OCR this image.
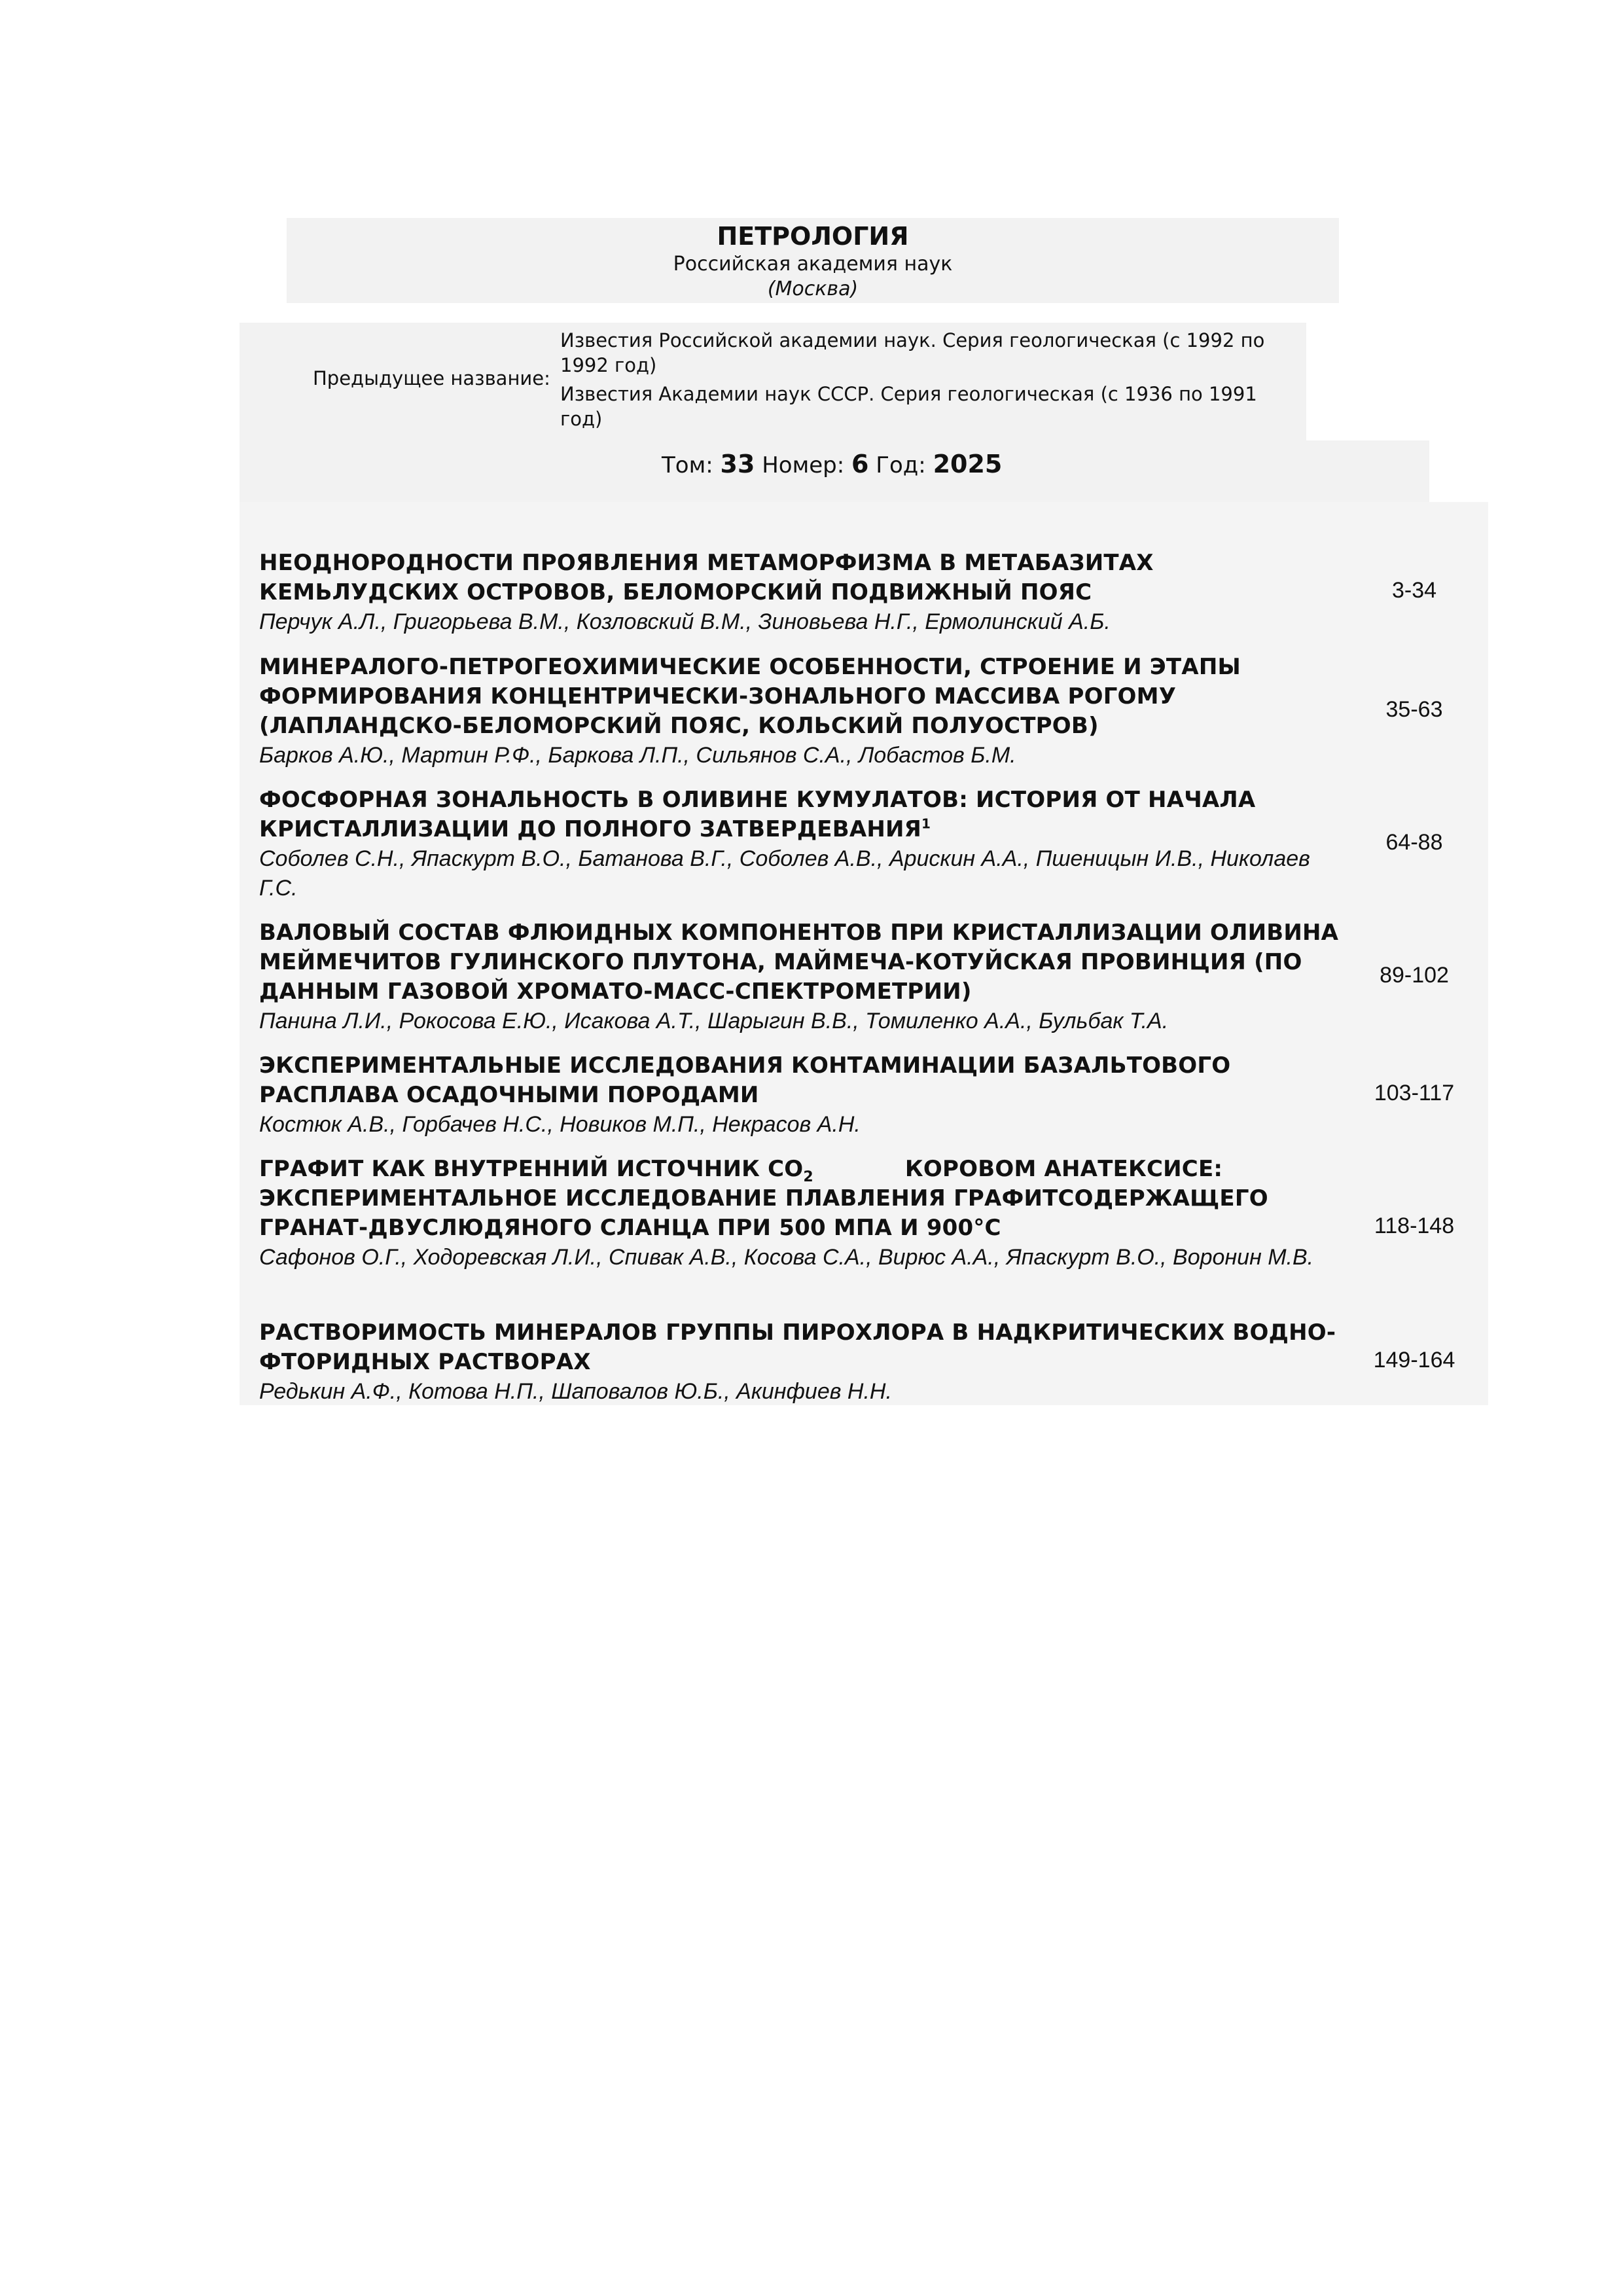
ПЕТРОЛОГИЯ
Российская академия наук
(Москва)
Предыдущее название:
Известия Российской академии наук. Серия геологическая (с 1992 по 1992 год)
Известия Академии наук СССР. Серия геологическая (с 1936 по 1991 год)
Том: 33 Номер: 6 Год: 2025
НЕОДНОРОДНОСТИ ПРОЯВЛЕНИЯ МЕТАМОРФИЗМА В МЕТАБАЗИТАХ КЕМЬЛУДСКИХ ОСТРОВОВ, БЕЛОМОРСКИЙ ПОДВИЖНЫЙ ПОЯС
Перчук А.Л., Григорьева В.М., Козловский В.М., Зиновьева Н.Г., Ермолинский А.Б.
3-34
МИНЕРАЛОГО-ПЕТРОГЕОХИМИЧЕСКИЕ ОСОБЕННОСТИ, СТРОЕНИЕ И ЭТАПЫ ФОРМИРОВАНИЯ КОНЦЕНТРИЧЕСКИ-ЗОНАЛЬНОГО МАССИВА РОГОМУ (ЛАПЛАНДСКО-БЕЛОМОРСКИЙ ПОЯС, КОЛЬСКИЙ ПОЛУОСТРОВ)
Барков А.Ю., Мартин Р.Ф., Баркова Л.П., Сильянов С.А., Лобастов Б.М.
35-63
ФОСФОРНАЯ ЗОНАЛЬНОСТЬ В ОЛИВИНЕ КУМУЛАТОВ: ИСТОРИЯ ОТ НАЧАЛА КРИСТАЛЛИЗАЦИИ ДО ПОЛНОГО ЗАТВЕРДЕВАНИЯ$^1$
Соболев С.Н., Япаскурт В.О., Батанова В.Г., Соболев А.В., Арискин А.А., Пшеницын И.В., Николаев Г.С.
64-88
ВАЛОВЫЙ СОСТАВ ФЛЮИДНЫХ КОМПОНЕНТОВ ПРИ КРИСТАЛЛИЗАЦИИ ОЛИВИНА МЕЙМЕЧИТОВ ГУЛИНСКОГО ПЛУТОНА, МАЙМЕЧА-КОТУЙСКАЯ ПРОВИНЦИЯ (ПО ДАННЫМ ГАЗОВОЙ ХРОМАТО-МАСС-СПЕКТРОМЕТРИИ)
Панина Л.И., Рокосова Е.Ю., Исакова А.Т., Шарыгин В.В., Томиленко А.А., Бульбак Т.А.
89-102
ЭКСПЕРИМЕНТАЛЬНЫЕ ИССЛЕДОВАНИЯ КОНТАМИНАЦИИ БАЗАЛЬТОВОГО РАСПЛАВА ОСАДОЧНЫМИ ПОРОДАМИ
Костюк А.В., Горбачев Н.С., Новиков М.П., Некрасов А.Н.
103-117
ГРАФИТ КАК ВНУТРЕННИЙ ИСТОЧНИК $CO_2$	КОРОВОМ АНАТЕКСИСЕ: ЭКСПЕРИМЕНТАЛЬНОЕ ИССЛЕДОВАНИЕ ПЛАВЛЕНИЯ ГРАФИТСОДЕРЖАЩЕГО ГРАНАТ-ДВУСЛЮДЯНОГО СЛАНЦА ПРИ 500 МПА И 900°С
Сафонов О.Г., Ходоревская Л.И., Спивак А.В., Косова С.А., Вирюс А.А., Япаскурт В.О., Воронин М.В.
118-148
РАСТВОРИМОСТЬ МИНЕРАЛОВ ГРУППЫ ПИРОХЛОРА В НАДКРИТИЧЕСКИХ ВОДНО-ФТОРИДНЫХ РАСТВОРАХ
Редькин А.Ф., Котова Н.П., Шаповалов Ю.Б., Акинфиев Н.Н.
149-164
